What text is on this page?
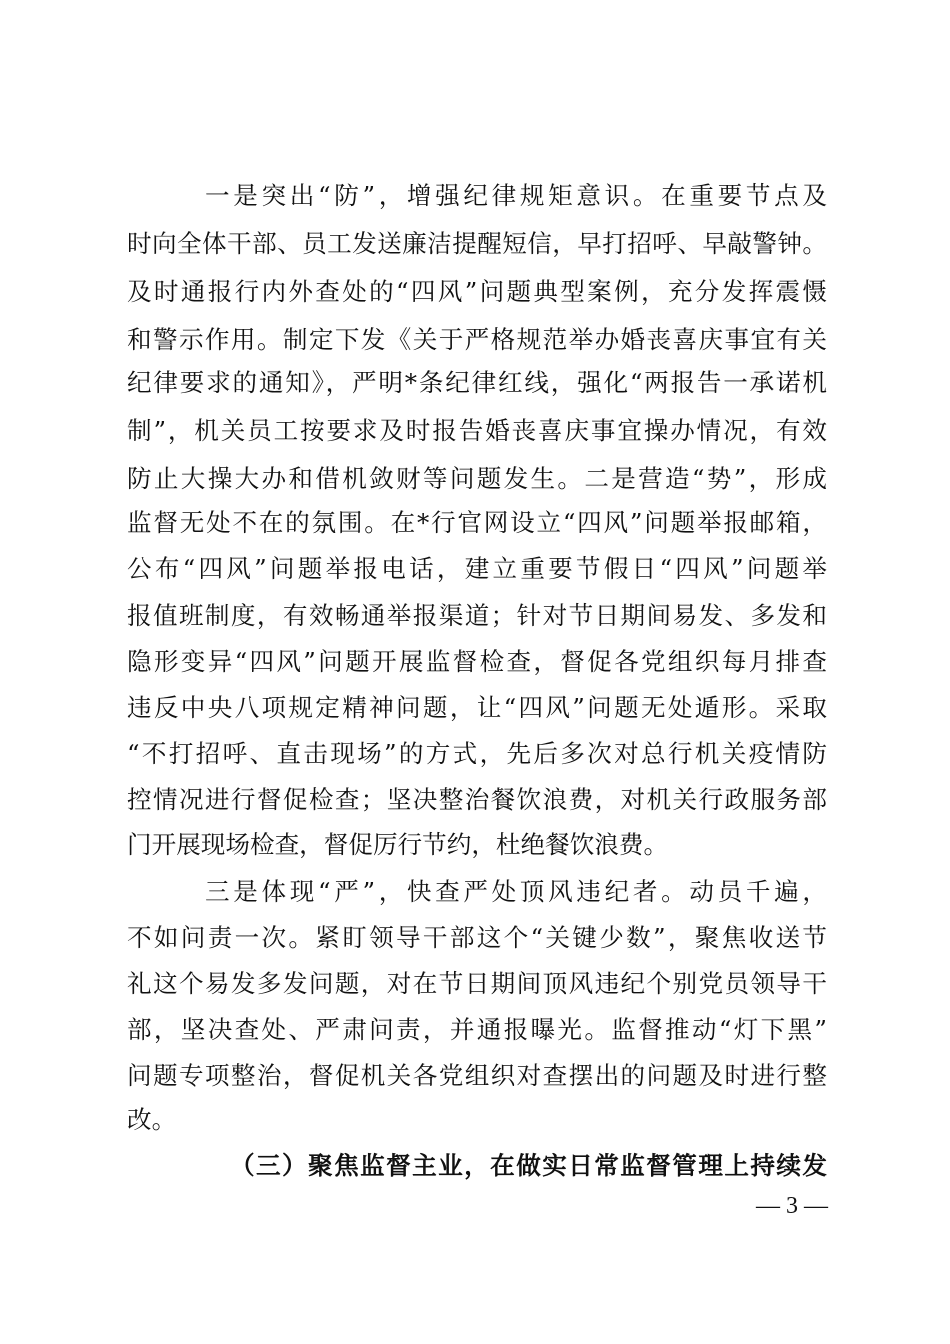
一是突出“防”，增强纪律规矩意识。在重要节点及
时向全体干部、员工发送廉洁提醒短信，早打招呼、早敲警钟。
及时通报行内外查处的“四风”问题典型案例，充分发挥震慑
和警示作用。制定下发《关于严格规范举办婚丧喜庆事宜有关
纪律要求的通知》，严明*条纪律红线，强化“两报告一承诺机
制”，机关员工按要求及时报告婚丧喜庆事宜操办情况，有效
防止大操大办和借机敛财等问题发生。二是营造“势”，形成
监督无处不在的氛围。在*行官网设立“四风”问题举报邮箱，
公布“四风”问题举报电话，建立重要节假日“四风”问题举
报值班制度，有效畅通举报渠道；针对节日期间易发、多发和
隐形变异“四风”问题开展监督检查，督促各党组织每月排查
违反中央八项规定精神问题，让“四风”问题无处遁形。采取
“不打招呼、直击现场”的方式，先后多次对总行机关疫情防
控情况进行督促检查；坚决整治餐饮浪费，对机关行政服务部
门开展现场检查，督促厉行节约，杜绝餐饮浪费。
三是体现“严”，快查严处顶风违纪者。动员千遍，
不如问责一次。紧盯领导干部这个“关键少数”，聚焦收送节
礼这个易发多发问题，对在节日期间顶风违纪个别党员领导干
部，坚决查处、严肃问责，并通报曝光。监督推动“灯下黑”
问题专项整治，督促机关各党组织对查摆出的问题及时进行整
改。
（三）聚焦监督主业，在做实日常监督管理上持续发
— 3 —
